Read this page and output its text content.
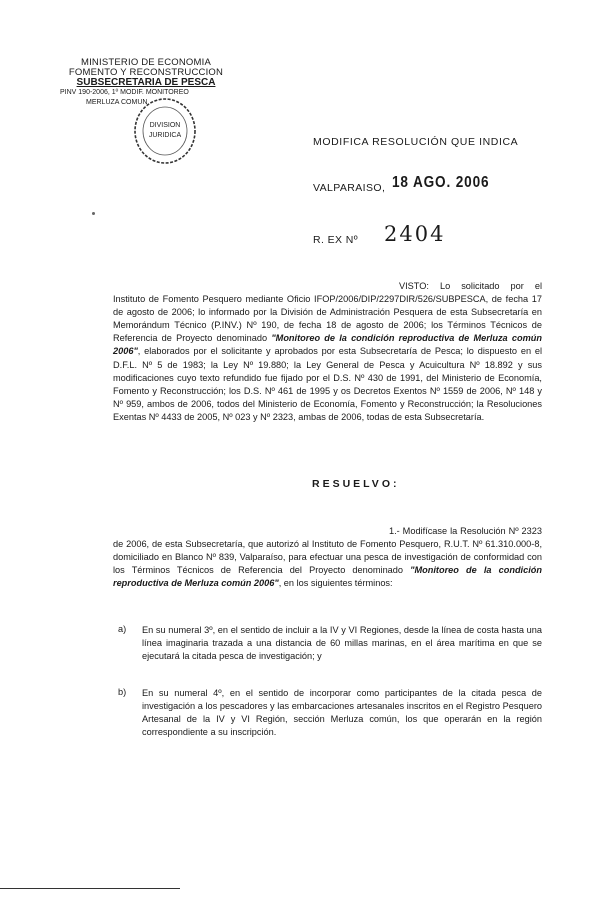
MINISTERIO DE ECONOMIA
FOMENTO Y RECONSTRUCCION
SUBSECRETARIA DE PESCA
PINV 190-2006, 1º MODIF. MONITOREO
MERLUZA COMUN
DIVISION
JURIDICA
MODIFICA RESOLUCIÓN QUE INDICA
VALPARAISO, 18 AGO. 2006
R. EX Nº 2404
VISTO: Lo solicitado por el Instituto de Fomento Pesquero mediante Oficio IFOP/2006/DIP/2297DIR/526/SUBPESCA, de fecha 17 de agosto de 2006; lo informado por la División de Administración Pesquera de esta Subsecretaría en Memorándum Técnico (P.INV.) Nº 190, de fecha 18 de agosto de 2006; los Términos Técnicos de Referencia de Proyecto denominado "Monitoreo de la condición reproductiva de Merluza común 2006", elaborados por el solicitante y aprobados por esta Subsecretaría de Pesca; lo dispuesto en el D.F.L. Nº 5 de 1983; la Ley Nº 19.880; la Ley General de Pesca y Acuicultura Nº 18.892 y sus modificaciones cuyo texto refundido fue fijado por el D.S. Nº 430 de 1991, del Ministerio de Economía, Fomento y Reconstrucción; los D.S. Nº 461 de 1995 y os Decretos Exentos Nº 1559 de 2006, Nº 148 y Nº 959, ambos de 2006, todos del Ministerio de Economía, Fomento y Reconstrucción; la Resoluciones Exentas Nº 4433 de 2005, Nº 023 y Nº 2323, ambas de 2006, todas de esta Subsecretaría.
RESUELVO:
1.- Modifícase la Resolución Nº 2323 de 2006, de esta Subsecretaría, que autorizó al Instituto de Fomento Pesquero, R.U.T. Nº 61.310.000-8, domiciliado en Blanco Nº 839, Valparaíso, para efectuar una pesca de investigación de conformidad con los Términos Técnicos de Referencia del Proyecto denominado "Monitoreo de la condición reproductiva de Merluza común 2006", en los siguientes términos:
a) En su numeral 3º, en el sentido de incluir a la IV y VI Regiones, desde la línea de costa hasta una línea imaginaria trazada a una distancia de 60 millas marinas, en el área marítima en que se ejecutará la citada pesca de investigación; y
b) En su numeral 4º, en el sentido de incorporar como participantes de la citada pesca de investigación a los pescadores y las embarcaciones artesanales inscritos en el Registro Pesquero Artesanal de la IV y VI Región, sección Merluza común, los que operarán en la región correspondiente a su inscripción.
